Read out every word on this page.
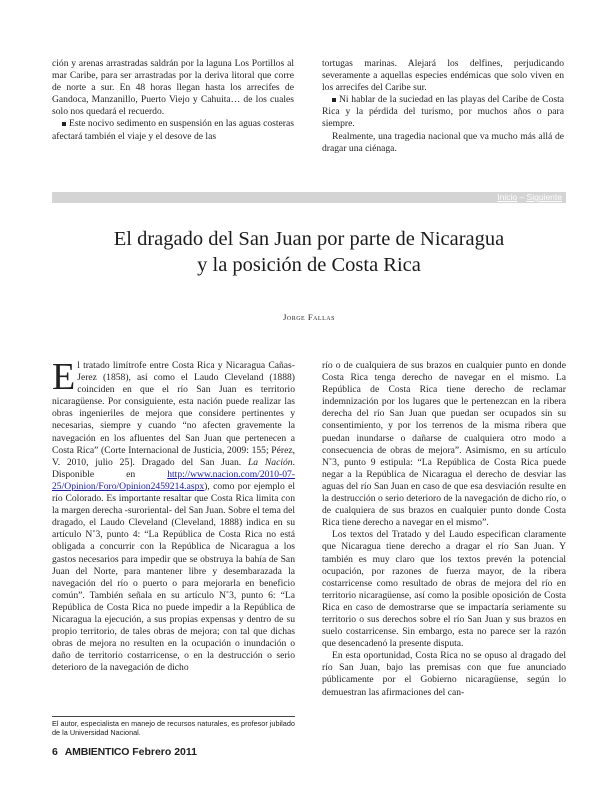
ción y arenas arrastradas saldrán por la laguna Los Portillos al mar Caribe, para ser arrastradas por la deriva litoral que corre de norte a sur. En 48 horas llegan hasta los arrecifes de Gandoca, Manzanillo, Puerto Viejo y Cahuita… de los cuales solo nos quedará el recuerdo.

Este nocivo sedimento en suspensión en las aguas costeras afectará también el viaje y el desove de las

tortugas marinas. Alejará los delfines, perjudicando severamente a aquellas especies endémicas que solo viven en los arrecifes del Caribe sur.

Ni hablar de la suciedad en las playas del Caribe de Costa Rica y la pérdida del turismo, por muchos años o para siempre.

Realmente, una tragedia nacional que va mucho más allá de dragar una ciénaga.

Inicio – Siguiente
El dragado del San Juan por parte de Nicaragua
y la posición de Costa Rica
Jorge Fallas

El tratado limítrofe entre Costa Rica y Nicaragua Cañas-Jerez (1858), así como el Laudo Cleveland (1888) coinciden en que el río San Juan es territorio nicaragüense. Por consiguiente, esta nación puede realizar las obras ingenieriles de mejora que considere pertinentes y necesarias, siempre y cuando “no afecten gravemente la navegación en los afluentes del San Juan que pertenecen a Costa Rica” (Corte Internacional de Justicia, 2009: 155; Pérez, V. 2010, julio 25]. Dragado del San Juan. La Nación. Disponible en http://www.nacion.com/2010-07-25/Opinion/Foro/Opinion2459214.aspx), como por ejemplo el río Colorado. Es importante resaltar que Costa Rica limita con la margen derecha -suroriental- del San Juan. Sobre el tema del dragado, el Laudo Cleveland (Cleveland, 1888) indica en su artículo N˚3, punto 4: “La República de Costa Rica no está obligada a concurrir con la República de Nicaragua a los gastos necesarios para impedir que se obstruya la bahía de San Juan del Norte, para mantener libre y desembarazada la navegación del río o puerto o para mejorarla en beneficio común”. También señala en su artículo N˚3, punto 6: “La República de Costa Rica no puede impedir a la República de Nicaragua la ejecución, a sus propias expensas y dentro de su propio territorio, de tales obras de mejora; con tal que dichas obras de mejora no resulten en la ocupación o inundación o daño de territorio costarricense, o en la destrucción o serio deterioro de la navegación de dicho

río o de cualquiera de sus brazos en cualquier punto en donde Costa Rica tenga derecho de navegar en el mismo. La República de Costa Rica tiene derecho de reclamar indemnización por los lugares que le pertenezcan en la ribera derecha del río San Juan que puedan ser ocupados sin su consentimiento, y por los terrenos de la misma ribera que puedan inundarse o dañarse de cualquiera otro modo a consecuencia de obras de mejora”. Asimismo, en su artículo N˚3, punto 9 estipula: “La República de Costa Rica puede negar a la República de Nicaragua el derecho de desviar las aguas del río San Juan en caso de que esa desviación resulte en la destrucción o serio deterioro de la navegación de dicho río, o de cualquiera de sus brazos en cualquier punto donde Costa Rica tiene derecho a navegar en el mismo”.

Los textos del Tratado y del Laudo especifican claramente que Nicaragua tiene derecho a dragar el río San Juan. Y también es muy claro que los textos prevén la potencial ocupación, por razones de fuerza mayor, de la ribera costarricense como resultado de obras de mejora del río en territorio nicaragüense, así como la posible oposición de Costa Rica en caso de demostrarse que se impactaría seriamente su territorio o sus derechos sobre el río San Juan y sus brazos en suelo costarricense. Sin embargo, esta no parece ser la razón que desencadenó la presente disputa.

En esta oportunidad, Costa Rica no se opuso al dragado del río San Juan, bajo las premisas con que fue anunciado públicamente por el Gobierno nicaragüense, según lo demuestran las afirmaciones del can-

El autor, especialista en manejo de recursos naturales, es profesor jubilado de la Universidad Nacional.
6 AMBIENTICO Febrero 2011
